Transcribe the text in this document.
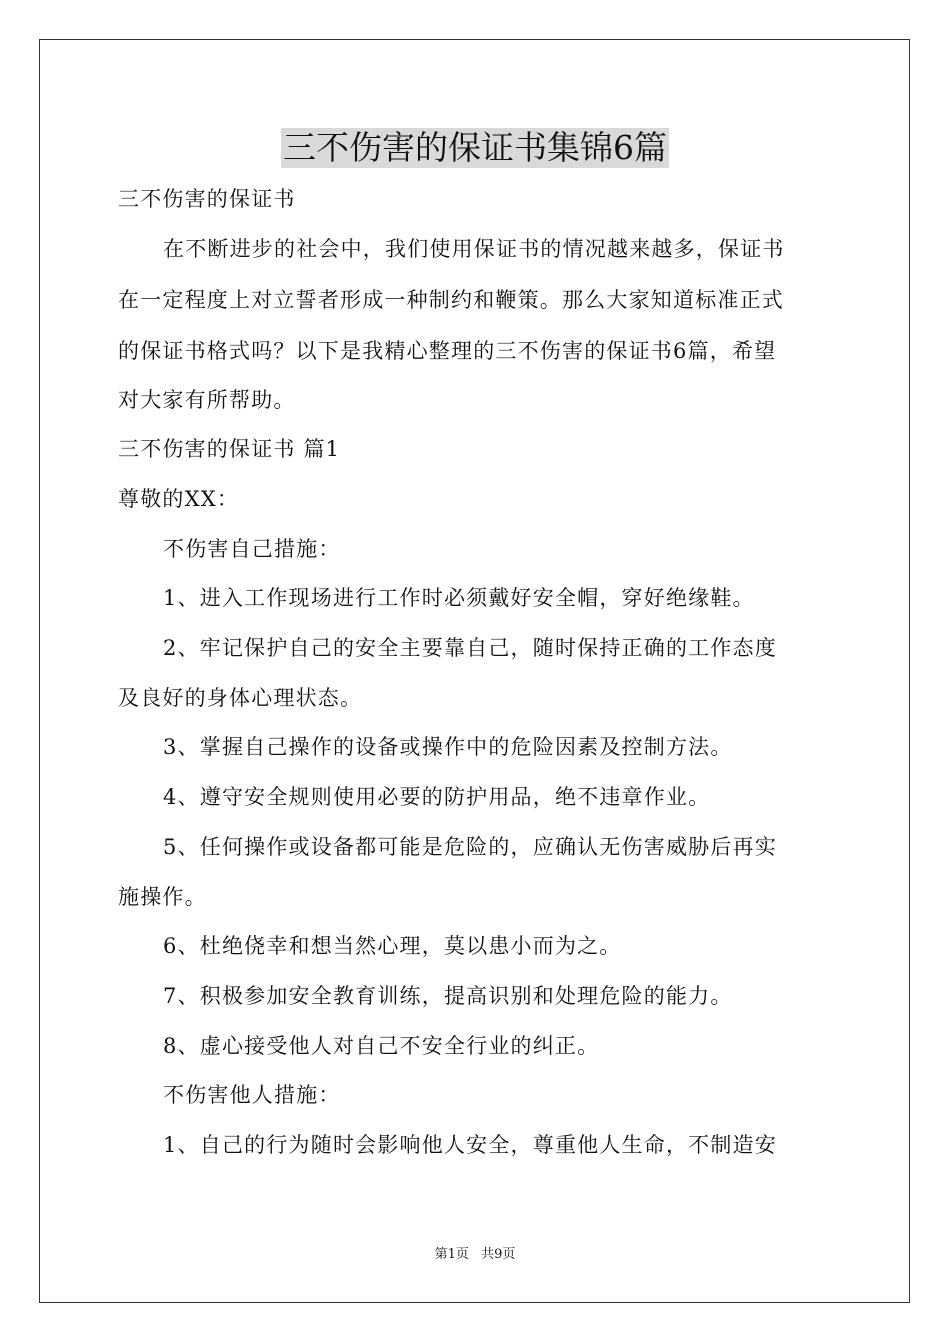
三不伤害的保证书集锦6篇
三不伤害的保证书
在不断进步的社会中，我们使用保证书的情况越来越多，保证书
在一定程度上对立誓者形成一种制约和鞭策。那么大家知道标准正式
的保证书格式吗？以下是我精心整理的三不伤害的保证书6篇，希望
对大家有所帮助。
三不伤害的保证书 篇1
尊敬的XX：
不伤害自己措施：
1、进入工作现场进行工作时必须戴好安全帽，穿好绝缘鞋。
2、牢记保护自己的安全主要靠自己，随时保持正确的工作态度
及良好的身体心理状态。
3、掌握自己操作的设备或操作中的危险因素及控制方法。
4、遵守安全规则使用必要的防护用品，绝不违章作业。
5、任何操作或设备都可能是危险的，应确认无伤害威胁后再实
施操作。
6、杜绝侥幸和想当然心理，莫以患小而为之。
7、积极参加安全教育训练，提高识别和处理危险的能力。
8、虚心接受他人对自己不安全行业的纠正。
不伤害他人措施：
1、自己的行为随时会影响他人安全，尊重他人生命，不制造安
第1页 共9页
